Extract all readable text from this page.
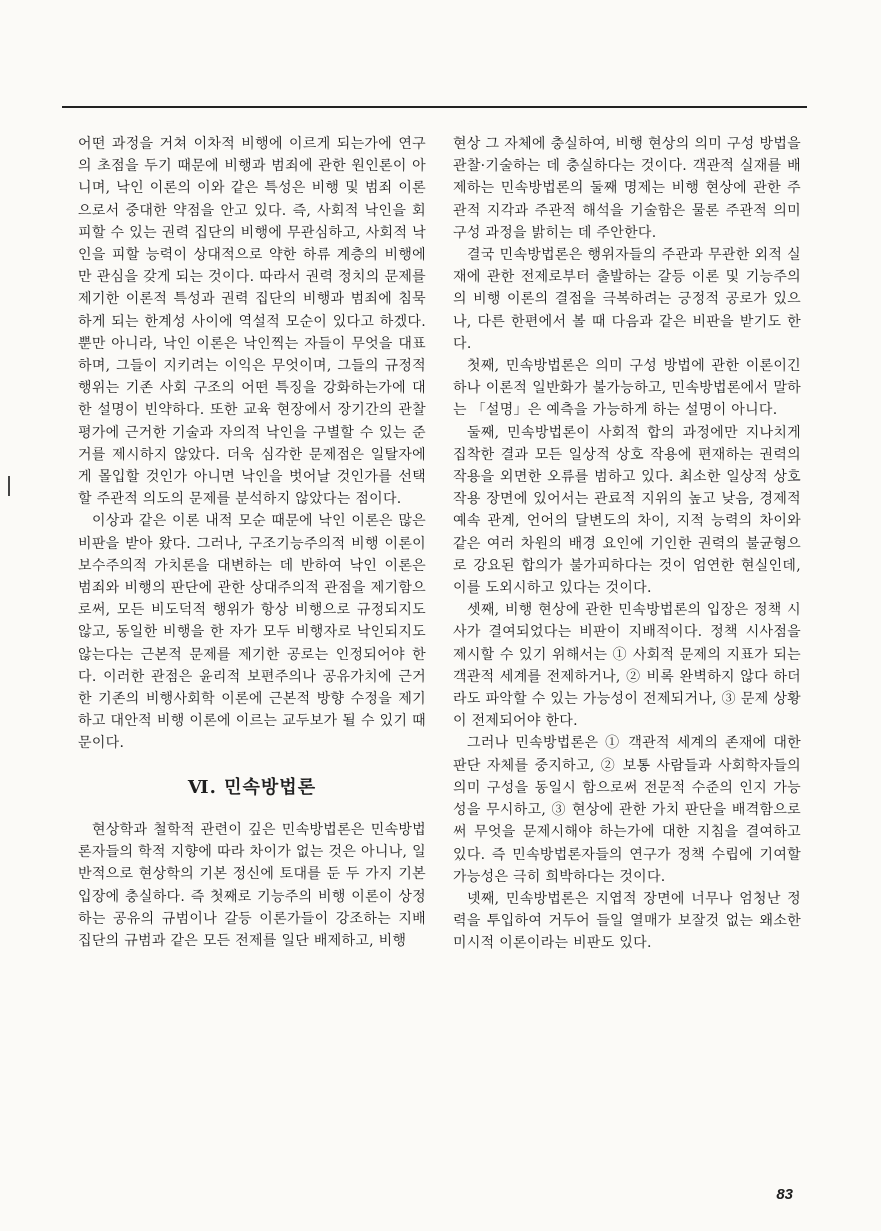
어떤 과정을 거쳐 이차적 비행에 이르게 되는가에 연구의 초점을 두기 때문에 비행과 범죄에 관한 원인론이 아니며, 낙인 이론의 이와 같은 특성은 비행 및 범죄 이론으로서 중대한 약점을 안고 있다. 즉, 사회적 낙인을 회피할 수 있는 권력 집단의 비행에 무관심하고, 사회적 낙인을 피할 능력이 상대적으로 약한 하류 계층의 비행에만 관심을 갖게 되는 것이다. 따라서 권력 정치의 문제를 제기한 이론적 특성과 권력 집단의 비행과 범죄에 침묵하게 되는 한계성 사이에 역설적 모순이 있다고 하겠다. 뿐만 아니라, 낙인 이론은 낙인찍는 자들이 무엇을 대표하며, 그들이 지키려는 이익은 무엇이며, 그들의 규정적 행위는 기존 사회 구조의 어떤 특징을 강화하는가에 대한 설명이 빈약하다. 또한 교육 현장에서 장기간의 관찰 평가에 근거한 기술과 자의적 낙인을 구별할 수 있는 준거를 제시하지 않았다. 더욱 심각한 문제점은 일탈자에게 몰입할 것인가 아니면 낙인을 벗어날 것인가를 선택할 주관적 의도의 문제를 분석하지 않았다는 점이다.

이상과 같은 이론 내적 모순 때문에 낙인 이론은 많은 비판을 받아 왔다. 그러나, 구조기능주의적 비행 이론이 보수주의적 가치론을 대변하는 데 반하여 낙인 이론은 범죄와 비행의 판단에 관한 상대주의적 관점을 제기함으로써, 모든 비도덕적 행위가 항상 비행으로 규정되지도 않고, 동일한 비행을 한 자가 모두 비행자로 낙인되지도 않는다는 근본적 문제를 제기한 공로는 인정되어야 한다. 이러한 관점은 윤리적 보편주의나 공유가치에 근거한 기존의 비행사회학 이론에 근본적 방향 수정을 제기하고 대안적 비행 이론에 이르는 교두보가 될 수 있기 때문이다.

Ⅵ. 민속방법론

현상학과 철학적 관련이 깊은 민속방법론은 민속방법론자들의 학적 지향에 따라 차이가 없는 것은 아니나, 일반적으로 현상학의 기본 정신에 토대를 둔 두 가지 기본 입장에 충실하다. 즉 첫째로 기능주의 비행 이론이 상정하는 공유의 규범이나 갈등 이론가들이 강조하는 지배 집단의 규범과 같은 모든 전제를 일단 배제하고, 비행

현상 그 자체에 충실하여, 비행 현상의 의미 구성 방법을 관찰·기술하는 데 충실하다는 것이다. 객관적 실재를 배제하는 민속방법론의 둘째 명제는 비행 현상에 관한 주관적 지각과 주관적 해석을 기술함은 물론 주관적 의미 구성 과정을 밝히는 데 주안한다.

결국 민속방법론은 행위자들의 주관과 무관한 외적 실재에 관한 전제로부터 출발하는 갈등 이론 및 기능주의의 비행 이론의 결점을 극복하려는 긍정적 공로가 있으나, 다른 한편에서 볼 때 다음과 같은 비판을 받기도 한다.

첫째, 민속방법론은 의미 구성 방법에 관한 이론이긴 하나 이론적 일반화가 불가능하고, 민속방법론에서 말하는 「설명」은 예측을 가능하게 하는 설명이 아니다.

둘째, 민속방법론이 사회적 합의 과정에만 지나치게 집착한 결과 모든 일상적 상호 작용에 편재하는 권력의 작용을 외면한 오류를 범하고 있다. 최소한 일상적 상호 작용 장면에 있어서는 관료적 지위의 높고 낮음, 경제적 예속 관계, 언어의 달변도의 차이, 지적 능력의 차이와 같은 여러 차원의 배경 요인에 기인한 권력의 불균형으로 강요된 합의가 불가피하다는 것이 엄연한 현실인데, 이를 도외시하고 있다는 것이다.

셋째, 비행 현상에 관한 민속방법론의 입장은 정책 시사가 결여되었다는 비판이 지배적이다. 정책 시사점을 제시할 수 있기 위해서는 ① 사회적 문제의 지표가 되는 객관적 세계를 전제하거나, ② 비록 완벽하지 않다 하더라도 파악할 수 있는 가능성이 전제되거나, ③ 문제 상황이 전제되어야 한다.

그러나 민속방법론은 ① 객관적 세계의 존재에 대한 판단 자체를 중지하고, ② 보통 사람들과 사회학자들의 의미 구성을 동일시 함으로써 전문적 수준의 인지 가능성을 무시하고, ③ 현상에 관한 가치 판단을 배격함으로써 무엇을 문제시해야 하는가에 대한 지침을 결여하고 있다. 즉 민속방법론자들의 연구가 정책 수립에 기여할 가능성은 극히 희박하다는 것이다.

넷째, 민속방법론은 지엽적 장면에 너무나 엄청난 정력을 투입하여 거두어 들일 열매가 보잘것 없는 왜소한 미시적 이론이라는 비판도 있다.

83
